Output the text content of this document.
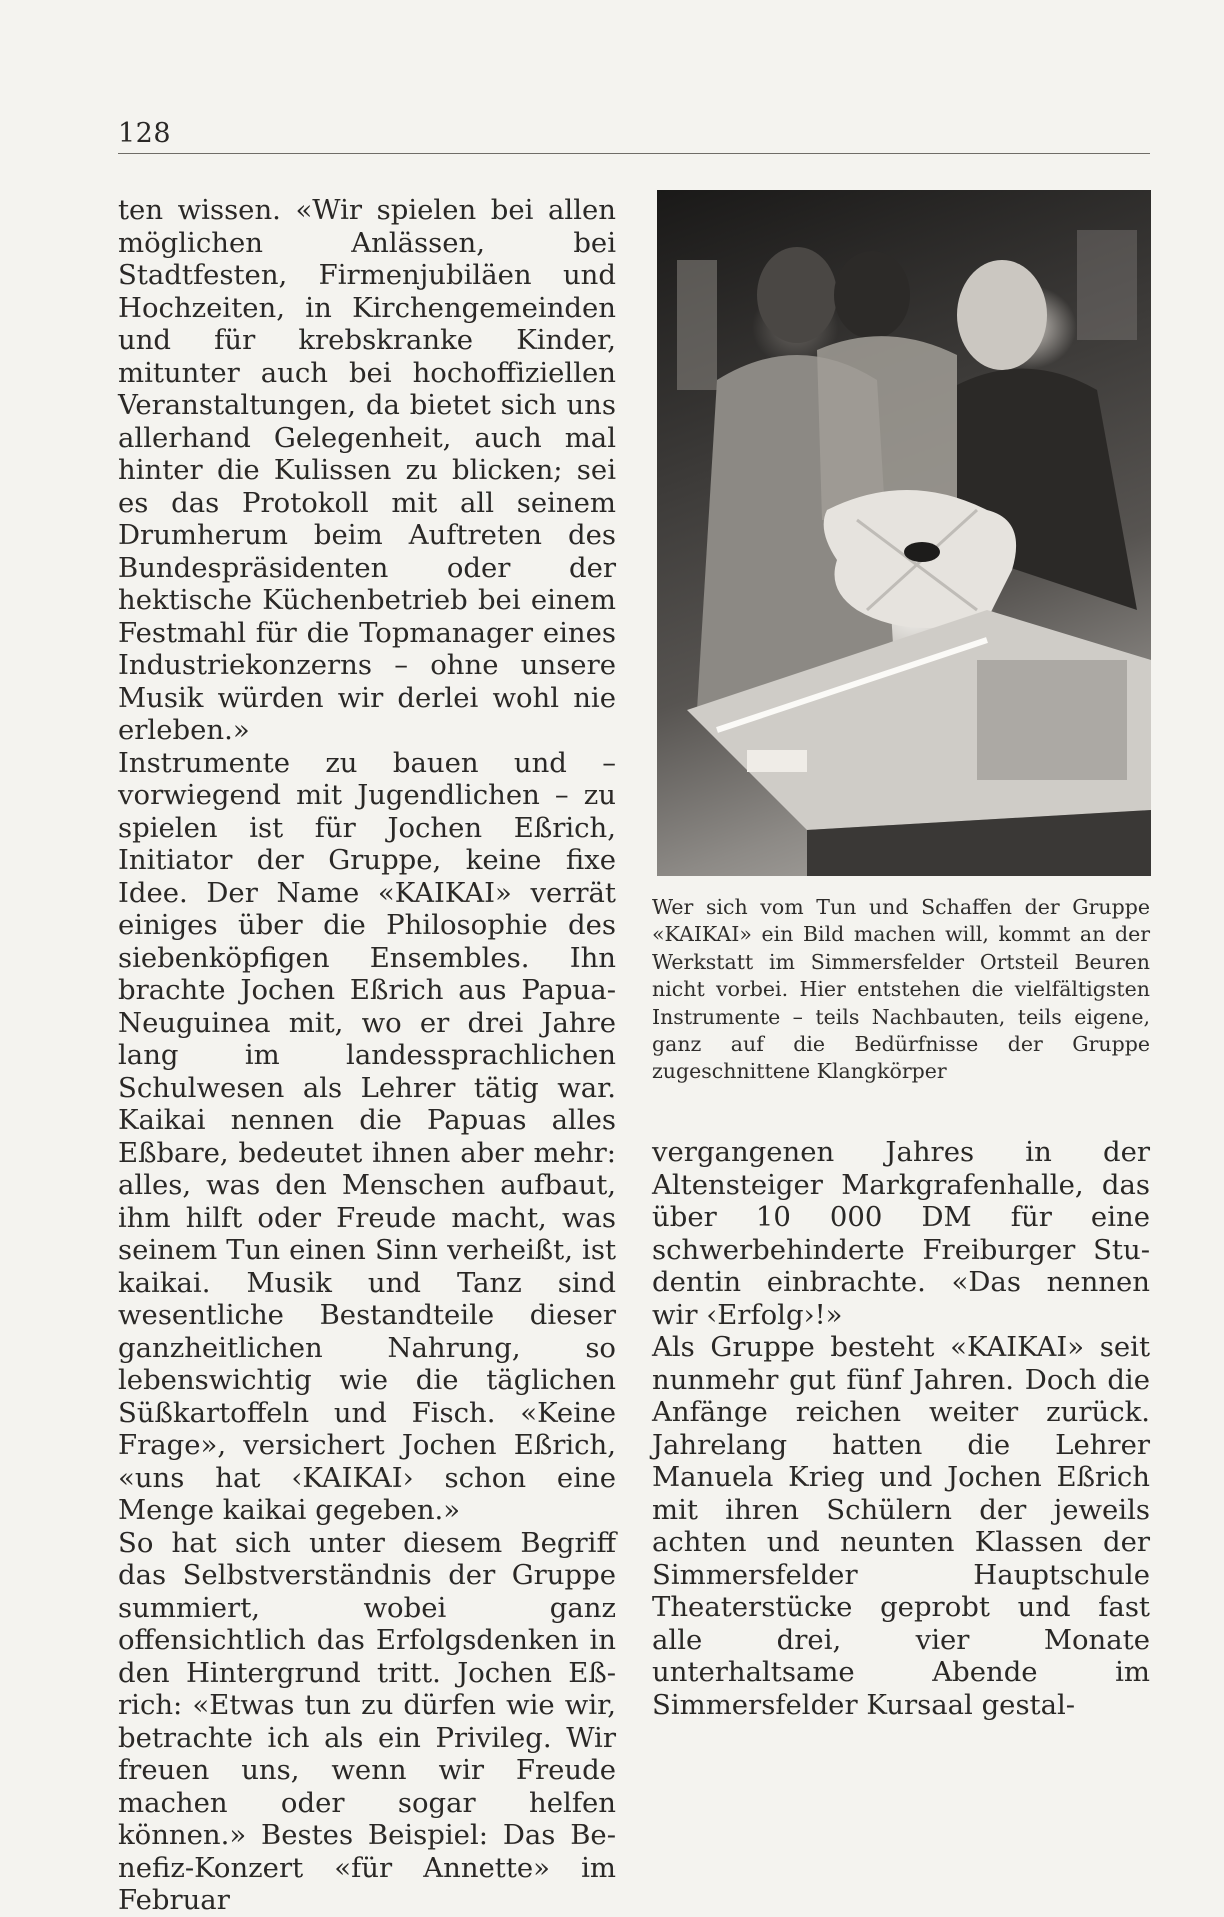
128

ten wissen. «Wir spielen bei allen möglichen Anlässen, bei Stadtfesten, Firmenjubiläen und Hochzeiten, in Kirchengemeinden und für krebskranke Kinder, mitunter auch bei hochoffiziellen Veranstaltungen, da bietet sich uns allerhand Gelegenheit, auch mal hinter die Kulissen zu blicken; sei es das Protokoll mit all seinem Drumherum beim Auftreten des Bundespräsidenten oder der hektische Küchenbetrieb bei einem Festmahl für die Topmanager eines Industriekonzerns – ohne unsere Musik würden wir derlei wohl nie erleben.»

Instrumente zu bauen und – vorwiegend mit Jugendlichen – zu spielen ist für Jochen Eßrich, Initiator der Gruppe, keine fixe Idee. Der Name «KAIKAI» verrät einiges über die Philosophie des siebenköpfigen Ensembles. Ihn brachte Jochen Eßrich aus Papua-Neuguinea mit, wo er drei Jahre lang im landessprachlichen Schulwesen als Lehrer tätig war. Kaikai nennen die Papuas alles Eßbare, bedeutet ihnen aber mehr: alles, was den Menschen aufbaut, ihm hilft oder Freude macht, was seinem Tun einen Sinn verheißt, ist kaikai. Musik und Tanz sind wesentliche Bestandteile dieser ganzheitlichen Nahrung, so lebenswichtig wie die täglichen Süßkartoffeln und Fisch. «Keine Frage», versichert Jochen Eßrich, «uns hat ‹KAIKAI› schon eine Menge kaikai gegeben.»

So hat sich unter diesem Begriff das Selbstverständnis der Gruppe summiert, wobei ganz offensichtlich das Erfolgsdenken in den Hintergrund tritt. Jochen Eßrich: «Etwas tun zu dürfen wie wir, betrachte ich als ein Privileg. Wir freuen uns, wenn wir Freude machen oder sogar helfen können.» Bestes Beispiel: Das Benefiz-Konzert «für Annette» im Februar

Wer sich vom Tun und Schaffen der Gruppe «KAIKAI» ein Bild machen will, kommt an der Werkstatt im Simmersfelder Ortsteil Beuren nicht vorbei. Hier entstehen die vielfältigsten Instrumente – teils Nachbauten, teils eigene, ganz auf die Bedürfnisse der Gruppe zugeschnittene Klangkörper

vergangenen Jahres in der Altensteiger Markgrafenhalle, das über 10 000 DM für eine schwerbehinderte Freiburger Studentin einbrachte. «Das nennen wir ‹Erfolg›!»

Als Gruppe besteht «KAIKAI» seit nunmehr gut fünf Jahren. Doch die Anfänge reichen weiter zurück. Jahrelang hatten die Lehrer Manuela Krieg und Jochen Eßrich mit ihren Schülern der jeweils achten und neunten Klassen der Simmersfelder Hauptschule Theaterstücke geprobt und fast alle drei, vier Monate unterhaltsame Abende im Simmersfelder Kursaal gestal-
